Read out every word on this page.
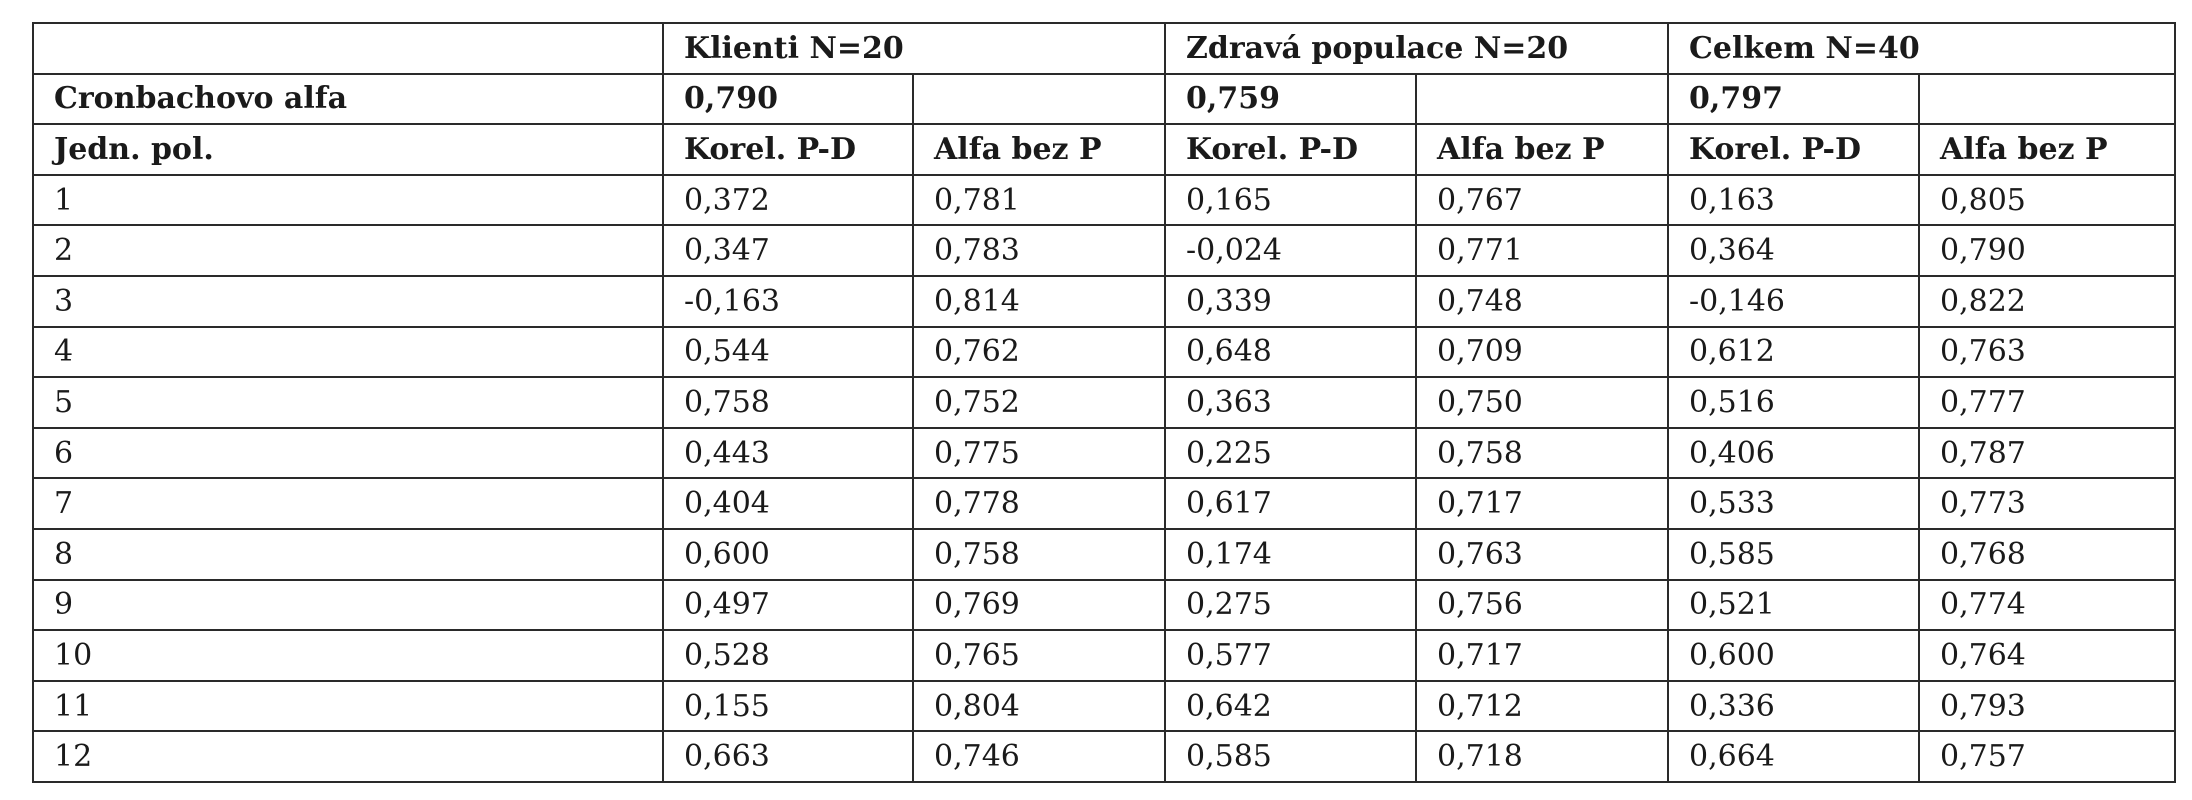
	Klienti N=20		Zdravá populace N=20		Celkem N=40	
Cronbachovo alfa	0,790		0,759		0,797	
Jedn. pol.	Korel. P-D	Alfa bez P	Korel. P-D	Alfa bez P	Korel. P-D	Alfa bez P
1	0,372	0,781	0,165	0,767	0,163	0,805
2	0,347	0,783	-0,024	0,771	0,364	0,790
3	-0,163	0,814	0,339	0,748	-0,146	0,822
4	0,544	0,762	0,648	0,709	0,612	0,763
5	0,758	0,752	0,363	0,750	0,516	0,777
6	0,443	0,775	0,225	0,758	0,406	0,787
7	0,404	0,778	0,617	0,717	0,533	0,773
8	0,600	0,758	0,174	0,763	0,585	0,768
9	0,497	0,769	0,275	0,756	0,521	0,774
10	0,528	0,765	0,577	0,717	0,600	0,764
11	0,155	0,804	0,642	0,712	0,336	0,793
12	0,663	0,746	0,585	0,718	0,664	0,757
